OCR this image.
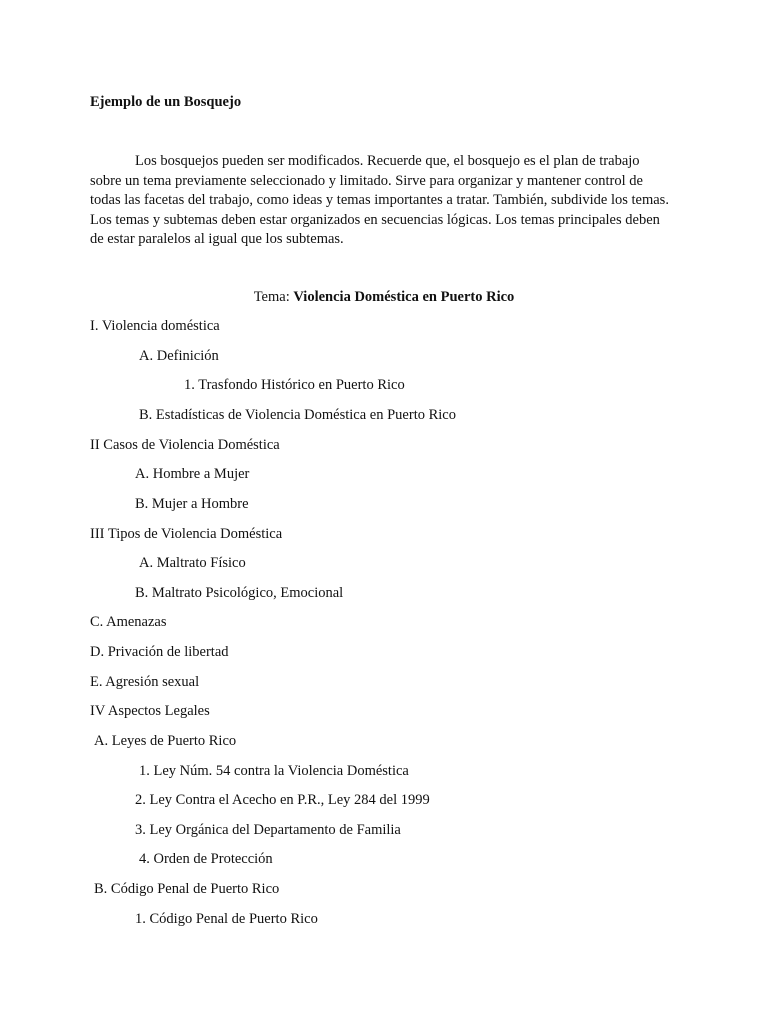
Ejemplo de un Bosquejo
Los bosquejos pueden ser modificados. Recuerde que, el bosquejo es el plan de trabajo sobre un tema previamente seleccionado y limitado. Sirve para organizar y mantener control de todas las facetas del trabajo, como ideas y temas importantes a tratar. También, subdivide los temas. Los temas y subtemas deben estar organizados en secuencias lógicas. Los temas principales deben de estar paralelos al igual que los subtemas.
Tema: Violencia Doméstica en Puerto Rico
I. Violencia doméstica
A. Definición
1. Trasfondo Histórico en Puerto Rico
B. Estadísticas de Violencia Doméstica en Puerto Rico
II Casos de Violencia Doméstica
A. Hombre a Mujer
B. Mujer a Hombre
III Tipos de Violencia Doméstica
A. Maltrato Físico
B. Maltrato Psicológico, Emocional
C. Amenazas
D. Privación de libertad
E. Agresión sexual
IV Aspectos Legales
A. Leyes de Puerto Rico
1. Ley Núm. 54 contra la Violencia Doméstica
2. Ley Contra el Acecho en P.R., Ley 284 del 1999
3. Ley Orgánica del Departamento de Familia
4. Orden de Protección
B. Código Penal de Puerto Rico
1. Código Penal de Puerto Rico
